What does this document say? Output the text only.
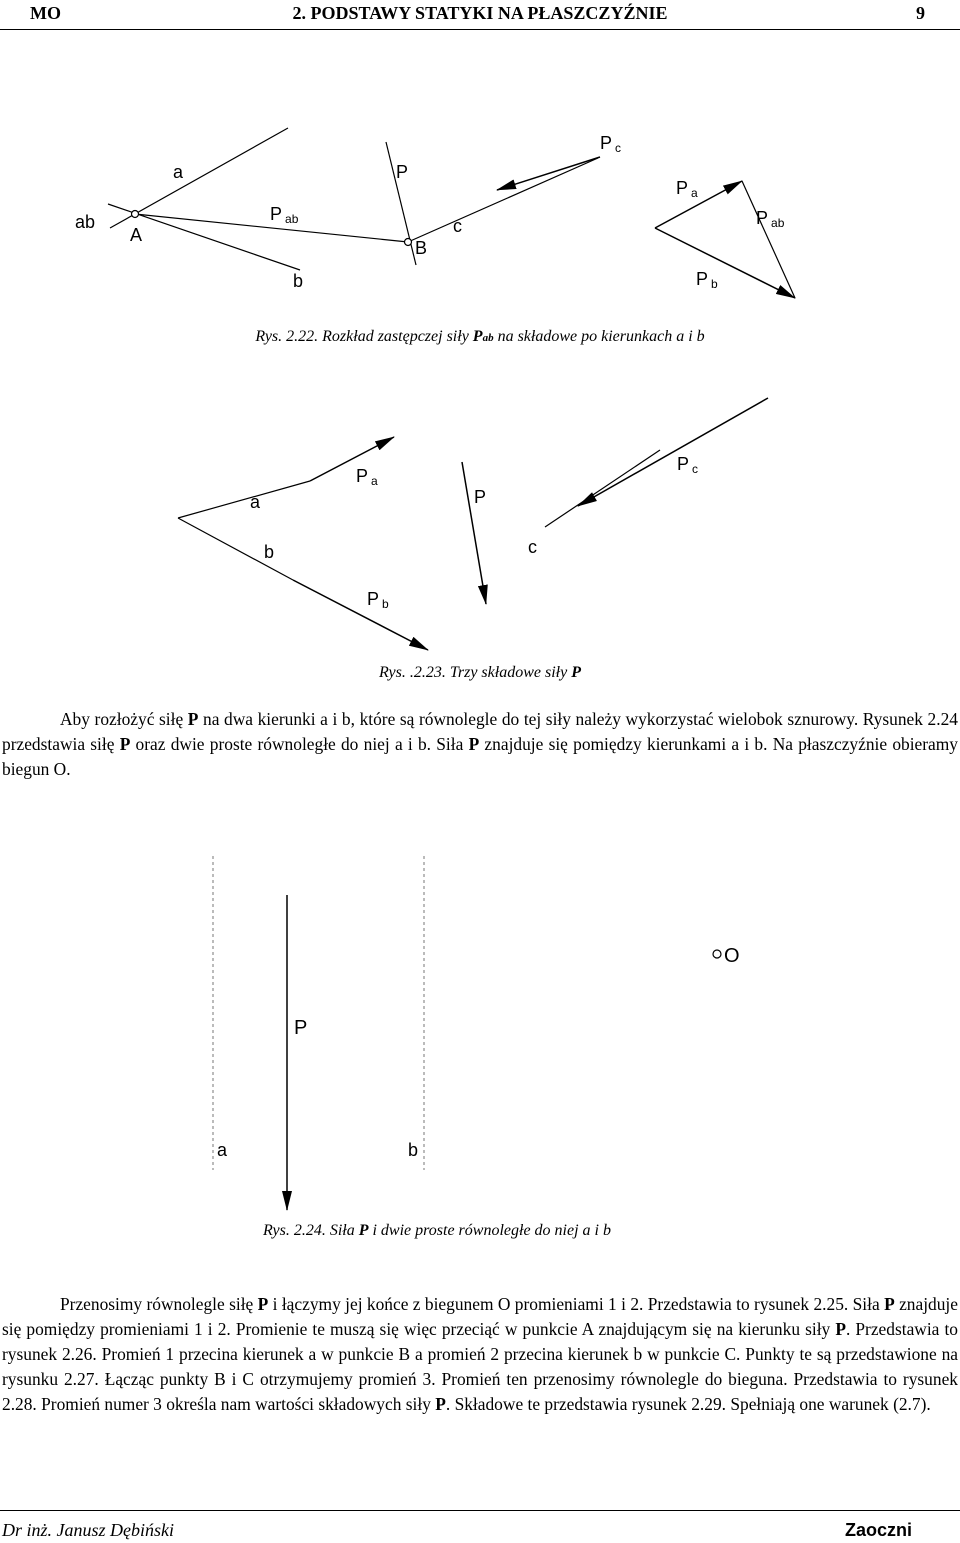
MO	2. PODSTAWY STATYKI NA PŁASZCZYŹNIE	9
ab
A
a	P
Pab
b
B
c
Pc
Pa
Pab
Pb
Rys. 2.22. Rozkład zastępczej siły Pab na składowe po kierunkach a i b
a
Pa
P
Pc
b	c
Pb
Rys. .2.23. Trzy składowe siły P

Aby rozłożyć siłę P na dwa kierunki a i b, które są równolegle do tej siły należy wykorzystać wielobok sznurowy. Rysunek 2.24 przedstawia siłę P oraz dwie proste równoległe do niej a i b. Siła P znajduje się pomiędzy kierunkami a i b. Na płaszczyźnie obieramy biegun O.

O
P
a	b
Rys. 2.24. Siła P i dwie proste równoległe do niej a i b

Przenosimy równolegle siłę P i łączymy jej końce z biegunem O promieniami 1 i 2. Przedstawia to rysunek 2.25. Siła P znajduje się pomiędzy promieniami 1 i 2. Promienie te muszą się więc przeciąć w punkcie A znajdującym się na kierunku siły P. Przedstawia to rysunek 2.26. Promień 1 przecina kierunek a w punkcie B a promień 2 przecina kierunek b w punkcie C. Punkty te są przedstawione na rysunku 2.27. Łącząc punkty B i C otrzymujemy promień 3. Promień ten przenosimy równolegle do bieguna. Przedstawia to rysunek 2.28. Promień numer 3 określa nam wartości składowych siły P. Składowe te przedstawia rysunek 2.29. Spełniają one warunek (2.7).

Dr inż. Janusz Dębiński	Zaoczni
